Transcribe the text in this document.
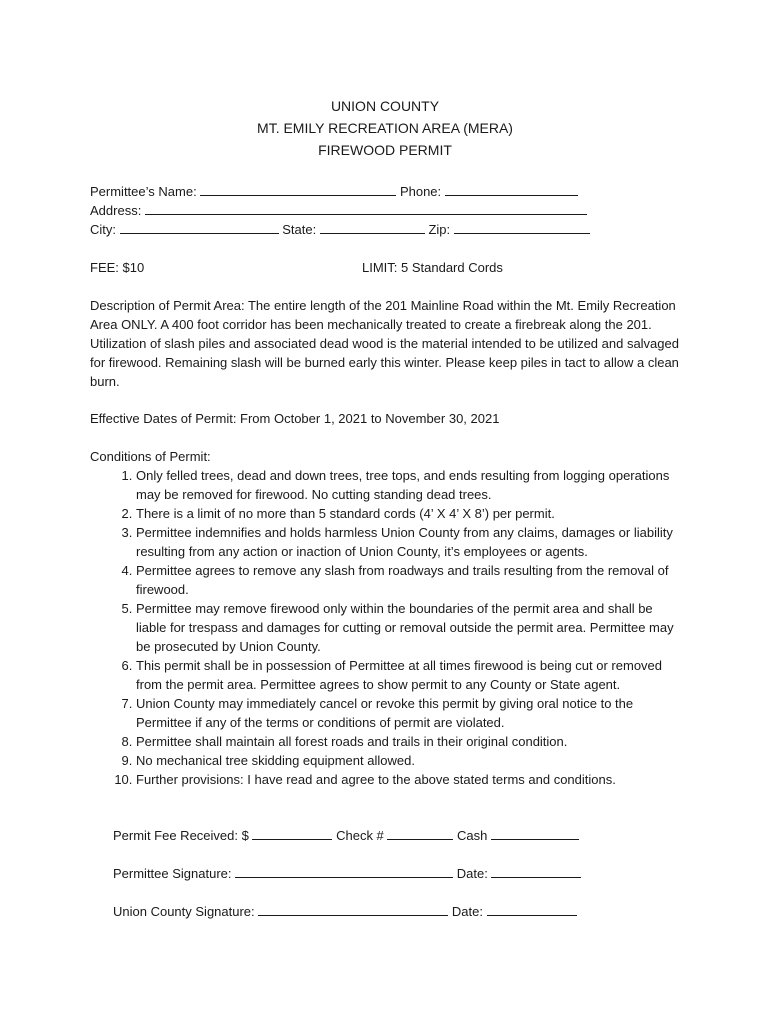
UNION COUNTY
MT. EMILY RECREATION AREA (MERA)
FIREWOOD PERMIT
Permittee’s Name:	Phone:
Address:
City:	State:	Zip:
FEE: $10	LIMIT: 5 Standard Cords
Description of Permit Area: The entire length of the 201 Mainline Road within the Mt. Emily Recreation Area ONLY. A 400 foot corridor has been mechanically treated to create a firebreak along the 201. Utilization of slash piles and associated dead wood is the material intended to be utilized and salvaged for firewood. Remaining slash will be burned early this winter. Please keep piles in tact to allow a clean burn.
Effective Dates of Permit: From October 1, 2021 to November 30, 2021
Conditions of Permit:
1. Only felled trees, dead and down trees, tree tops, and ends resulting from logging operations may be removed for firewood. No cutting standing dead trees.
2. There is a limit of no more than 5 standard cords (4’ X 4’ X 8’) per permit.
3. Permittee indemnifies and holds harmless Union County from any claims, damages or liability resulting from any action or inaction of Union County, it’s employees or agents.
4. Permittee agrees to remove any slash from roadways and trails resulting from the removal of firewood.
5. Permittee may remove firewood only within the boundaries of the permit area and shall be liable for trespass and damages for cutting or removal outside the permit area. Permittee may be prosecuted by Union County.
6. This permit shall be in possession of Permittee at all times firewood is being cut or removed from the permit area. Permittee agrees to show permit to any County or State agent.
7. Union County may immediately cancel or revoke this permit by giving oral notice to the Permittee if any of the terms or conditions of permit are violated.
8. Permittee shall maintain all forest roads and trails in their original condition.
9. No mechanical tree skidding equipment allowed.
10. Further provisions: I have read and agree to the above stated terms and conditions.
Permit Fee Received: $	Check #	Cash
Permittee Signature:	Date:
Union County Signature:	Date:
